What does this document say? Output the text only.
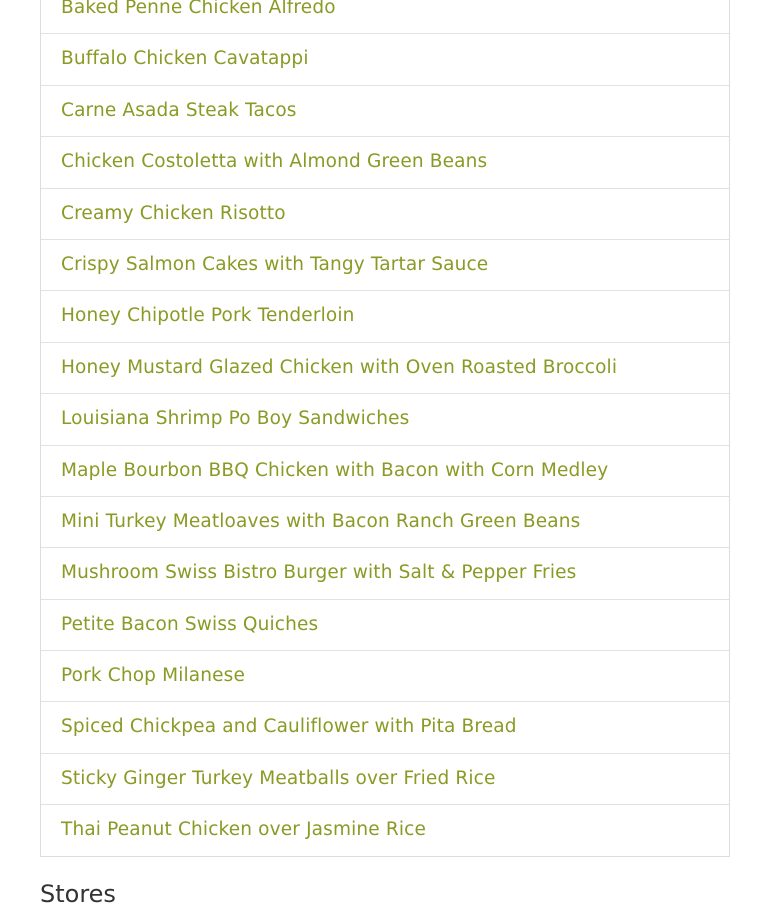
Baked Penne Chicken Alfredo
Buffalo Chicken Cavatappi
Carne Asada Steak Tacos
Chicken Costoletta with Almond Green Beans
Creamy Chicken Risotto
Crispy Salmon Cakes with Tangy Tartar Sauce
Honey Chipotle Pork Tenderloin
Honey Mustard Glazed Chicken with Oven Roasted Broccoli
Louisiana Shrimp Po Boy Sandwiches
Maple Bourbon BBQ Chicken with Bacon with Corn Medley
Mini Turkey Meatloaves with Bacon Ranch Green Beans
Mushroom Swiss Bistro Burger with Salt & Pepper Fries
Petite Bacon Swiss Quiches
Pork Chop Milanese
Spiced Chickpea and Cauliflower with Pita Bread
Sticky Ginger Turkey Meatballs over Fried Rice
Thai Peanut Chicken over Jasmine Rice
Stores
